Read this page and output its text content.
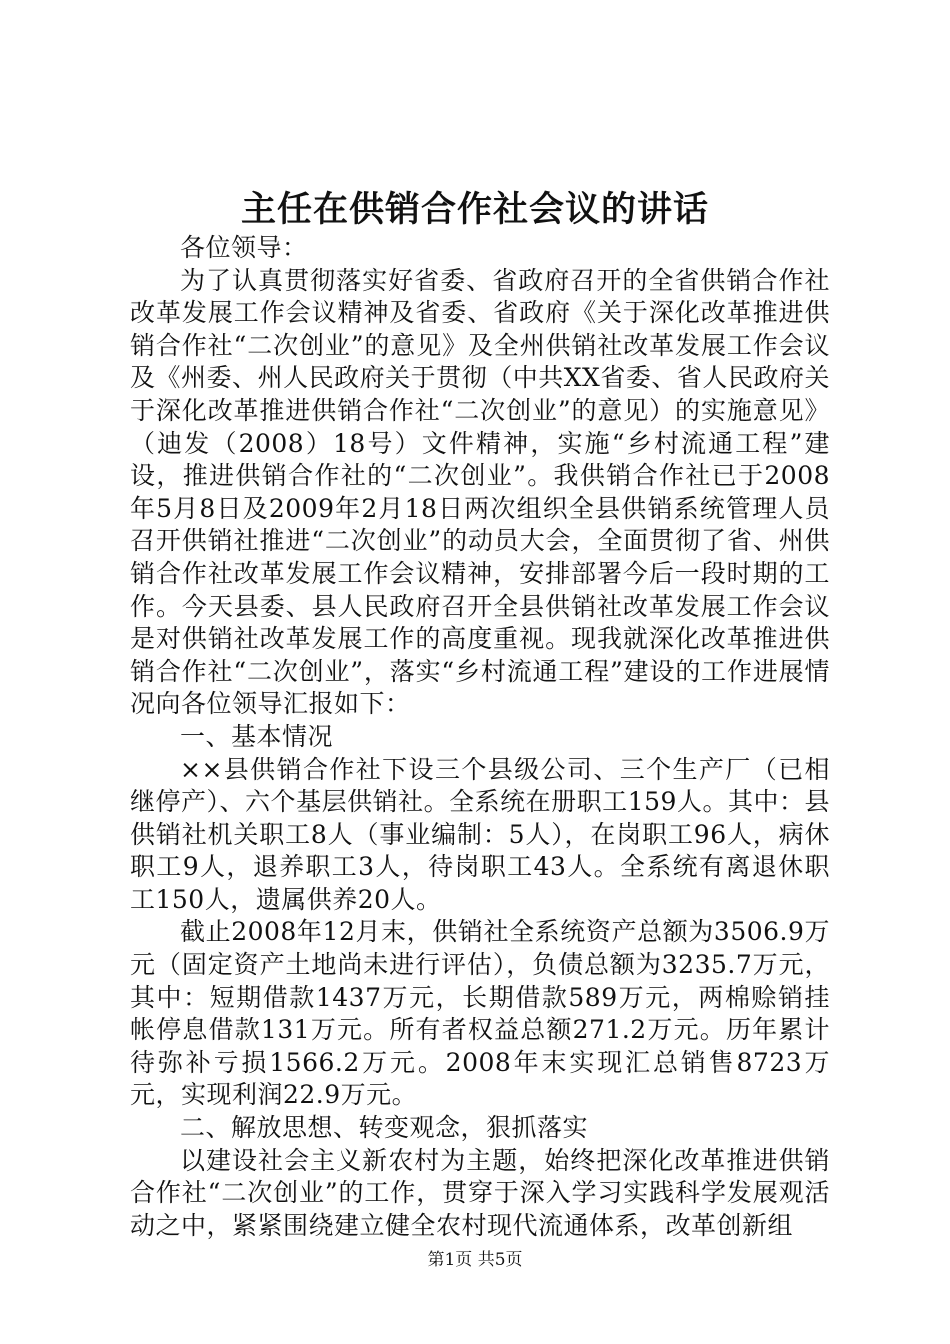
主任在供销合作社会议的讲话

各位领导：

为了认真贯彻落实好省委、省政府召开的全省供销合作社改革发展工作会议精神及省委、省政府《关于深化改革推进供销合作社“二次创业”的意见》及全州供销社改革发展工作会议及《州委、州人民政府关于贯彻（中共XX省委、省人民政府关于深化改革推进供销合作社“二次创业”的意见）的实施意见》（迪发（2008）18号）文件精神，实施“乡村流通工程”建设，推进供销合作社的“二次创业”。我供销合作社已于2008年5月8日及2009年2月18日两次组织全县供销系统管理人员召开供销社推进“二次创业”的动员大会，全面贯彻了省、州供销合作社改革发展工作会议精神，安排部署今后一段时期的工作。今天县委、县人民政府召开全县供销社改革发展工作会议是对供销社改革发展工作的高度重视。现我就深化改革推进供销合作社“二次创业”，落实“乡村流通工程”建设的工作进展情况向各位领导汇报如下：

一、基本情况

××县供销合作社下设三个县级公司、三个生产厂（已相继停产）、六个基层供销社。全系统在册职工159人。其中：县供销社机关职工8人（事业编制：5人），在岗职工96人，病休职工9人，退养职工3人，待岗职工43人。全系统有离退休职工150人，遗属供养20人。

截止2008年12月末，供销社全系统资产总额为3506.9万元（固定资产土地尚未进行评估），负债总额为3235.7万元，其中：短期借款1437万元，长期借款589万元，两棉赊销挂帐停息借款131万元。所有者权益总额271.2万元。历年累计待弥补亏损1566.2万元。2008年末实现汇总销售8723万元，实现利润22.9万元。

二、解放思想、转变观念，狠抓落实

以建设社会主义新农村为主题，始终把深化改革推进供销合作社“二次创业”的工作，贯穿于深入学习实践科学发展观活动之中，紧紧围绕建立健全农村现代流通体系，改革创新组

第1页 共5页
